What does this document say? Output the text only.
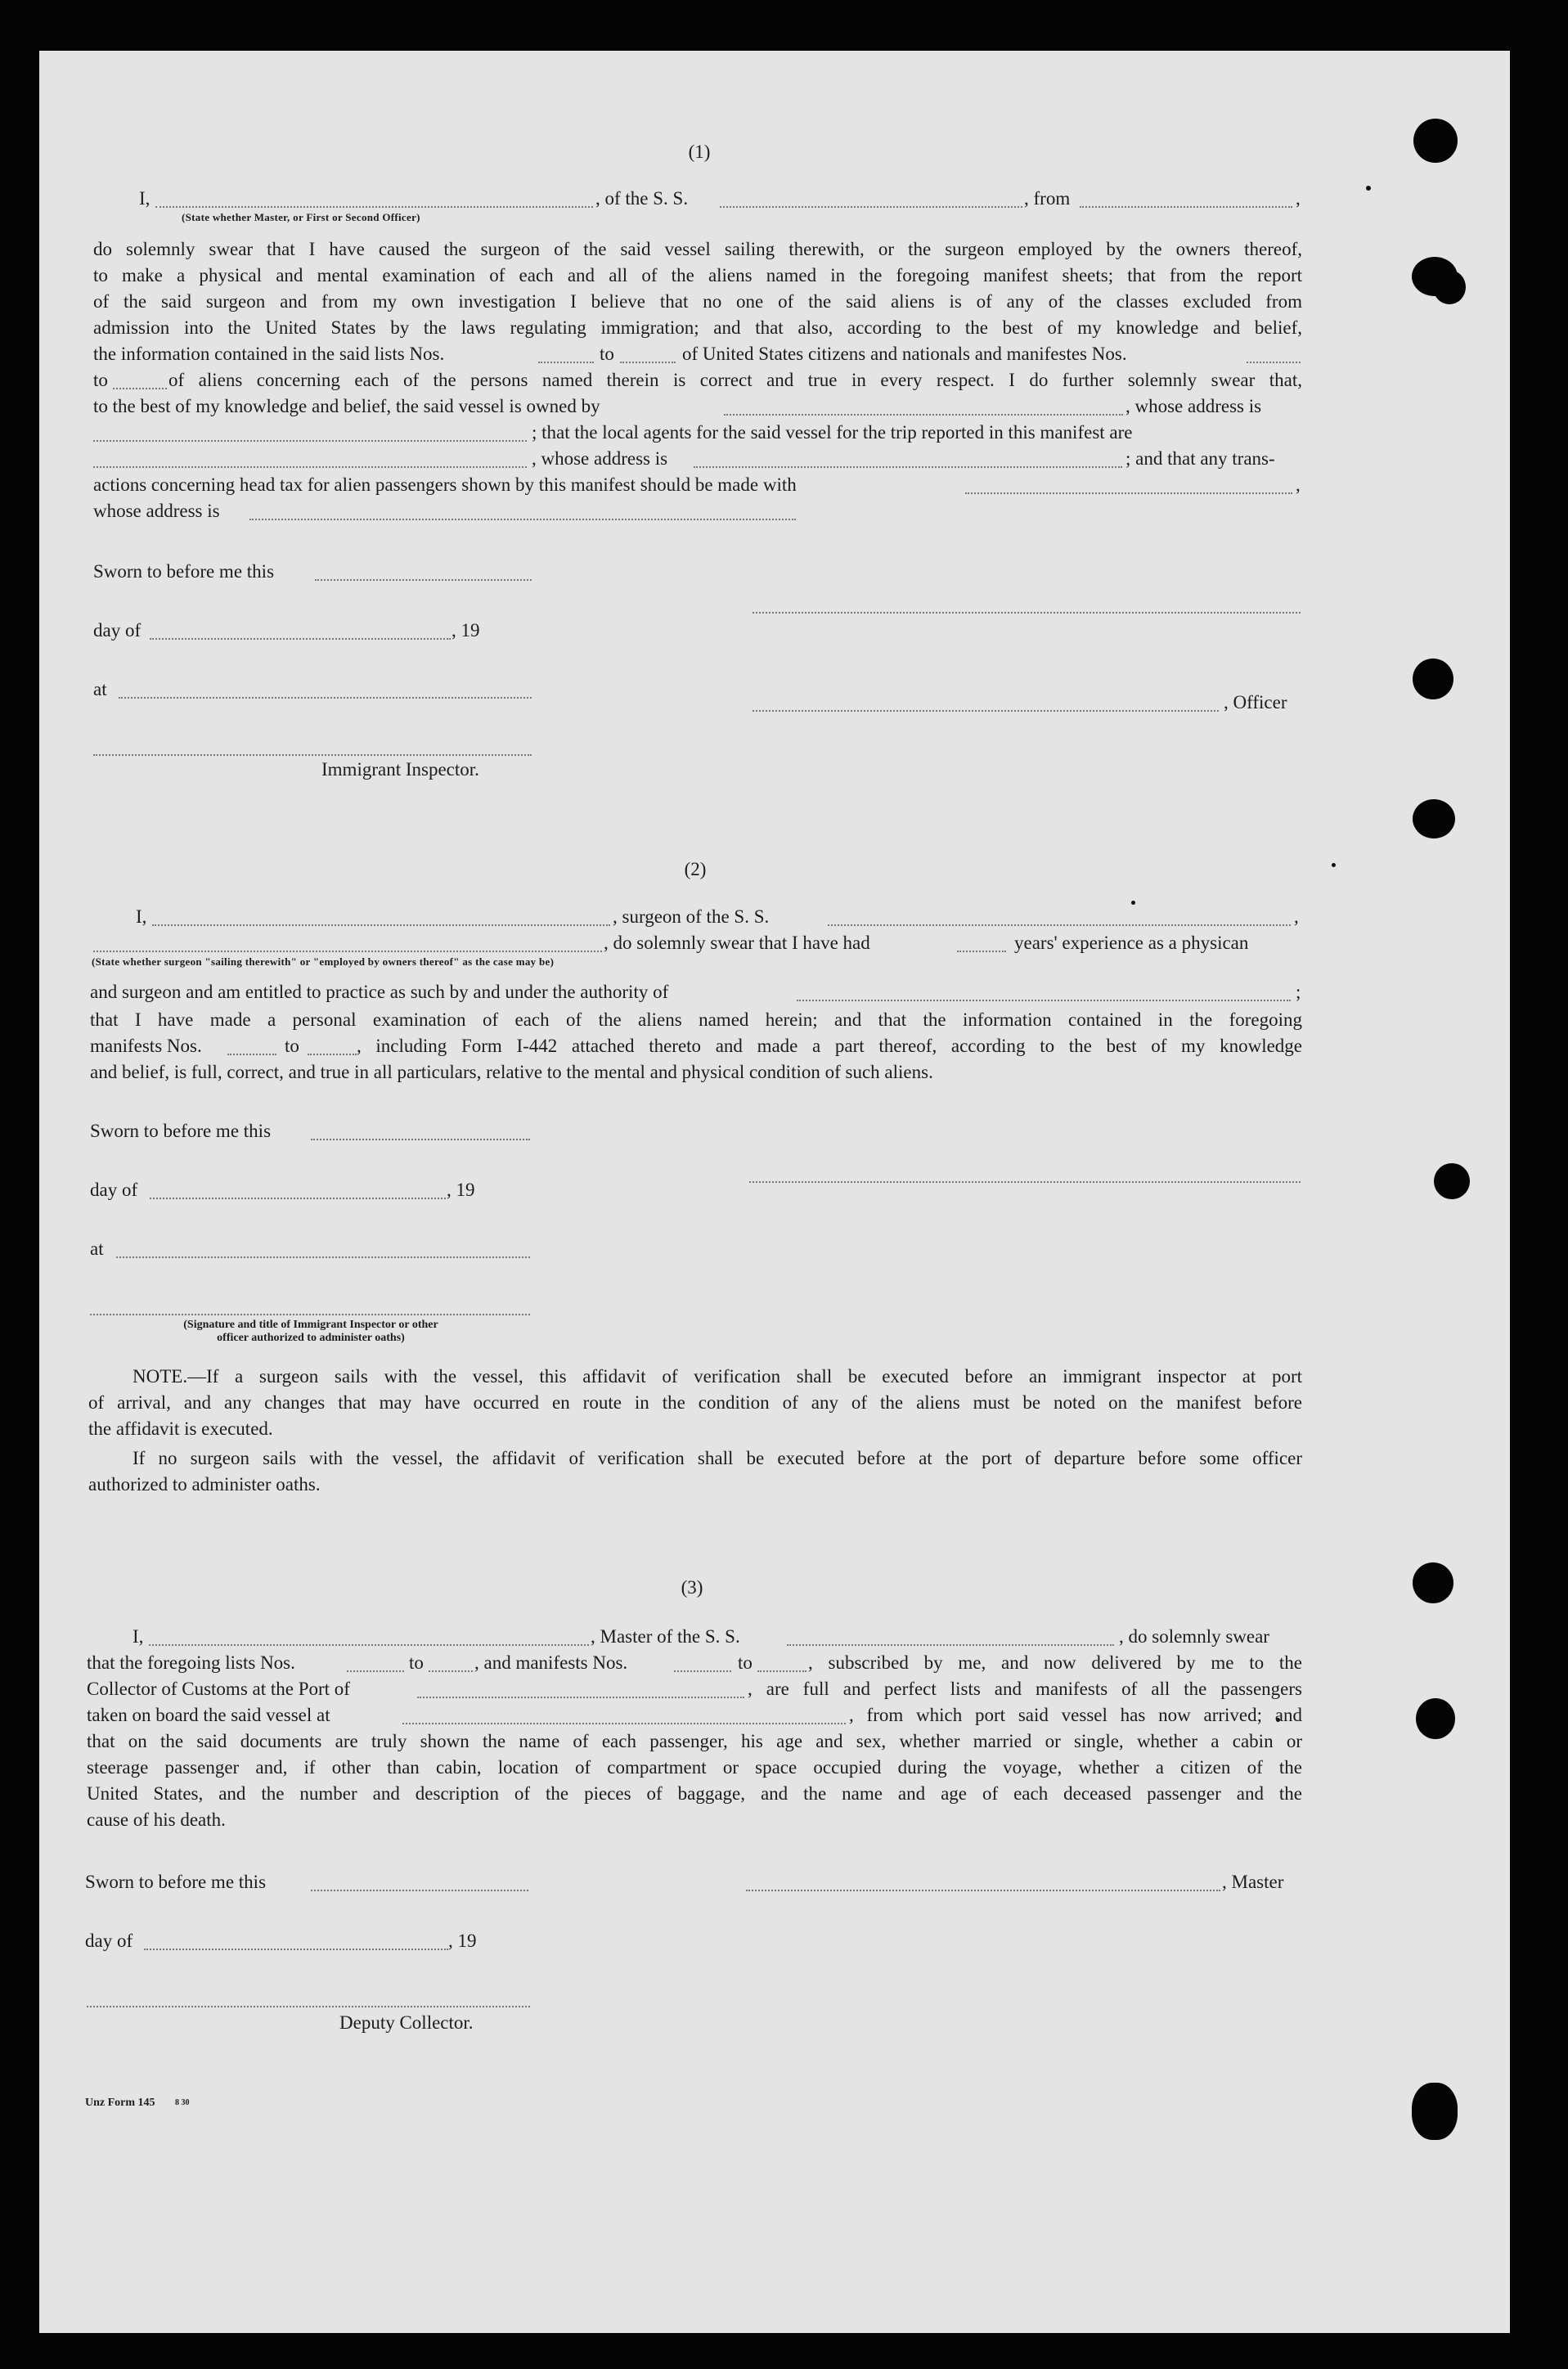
(1)
I,	, of the S. S.	, from	,
(State whether Master, or First or Second Officer)
do solemnly swear that I have caused the surgeon of the said vessel sailing therewith, or the surgeon employed by the owners thereof,
to make a physical and mental examination of each and all of the aliens named in the foregoing manifest sheets; that from the report
of the said surgeon and from my own investigation I believe that no one of the said aliens is of any of the classes excluded from
admission into the United States by the laws regulating immigration; and that also, according to the best of my knowledge and belief,
the information contained in the said lists Nos.	to	of United States citizens and nationals and manifestes Nos.
to	of aliens concerning each of the persons named therein is correct and true in every respect. I do further solemnly swear that,
to the best of my knowledge and belief, the said vessel is owned by	, whose address is
; that the local agents for the said vessel for the trip reported in this manifest are
, whose address is	; and that any trans-
actions concerning head tax for alien passengers shown by this manifest should be made with	,
whose address is
Sworn to before me this
day of	, 19
at
, Officer
Immigrant Inspector.
(2)
I,	, surgeon of the S. S.	,
, do solemnly swear that I have had	years' experience as a physican
(State whether surgeon "sailing therewith" or "employed by owners thereof" as the case may be)
and surgeon and am entitled to practice as such by and under the authority of	;
that I have made a personal examination of each of the aliens named herein; and that the information contained in the foregoing
manifests Nos.	to	, including Form I-442 attached thereto and made a part thereof, according to the best of my knowledge
and belief, is full, correct, and true in all particulars, relative to the mental and physical condition of such aliens.
Sworn to before me this
day of	, 19
at
(Signature and title of Immigrant Inspector or other
officer authorized to administer oaths)
NOTE.—If a surgeon sails with the vessel, this affidavit of verification shall be executed before an immigrant inspector at port
of arrival, and any changes that may have occurred en route in the condition of any of the aliens must be noted on the manifest before
the affidavit is executed.
If no surgeon sails with the vessel, the affidavit of verification shall be executed before at the port of departure before some officer
authorized to administer oaths.
(3)
I,	, Master of the S. S.	, do solemnly swear
that the foregoing lists Nos.	to	, and manifests Nos.	to	, subscribed by me, and now delivered by me to the
Collector of Customs at the Port of	, are full and perfect lists and manifests of all the passengers
taken on board the said vessel at	, from which port said vessel has now arrived; and
that on the said documents are truly shown the name of each passenger, his age and sex, whether married or single, whether a cabin or
steerage passenger and, if other than cabin, location of compartment or space occupied during the voyage, whether a citizen of the
United States, and the number and description of the pieces of baggage, and the name and age of each deceased passenger and the
cause of his death.
Sworn to before me this	, Master
day of	, 19
Deputy Collector.
Unz Form 145 8 30
